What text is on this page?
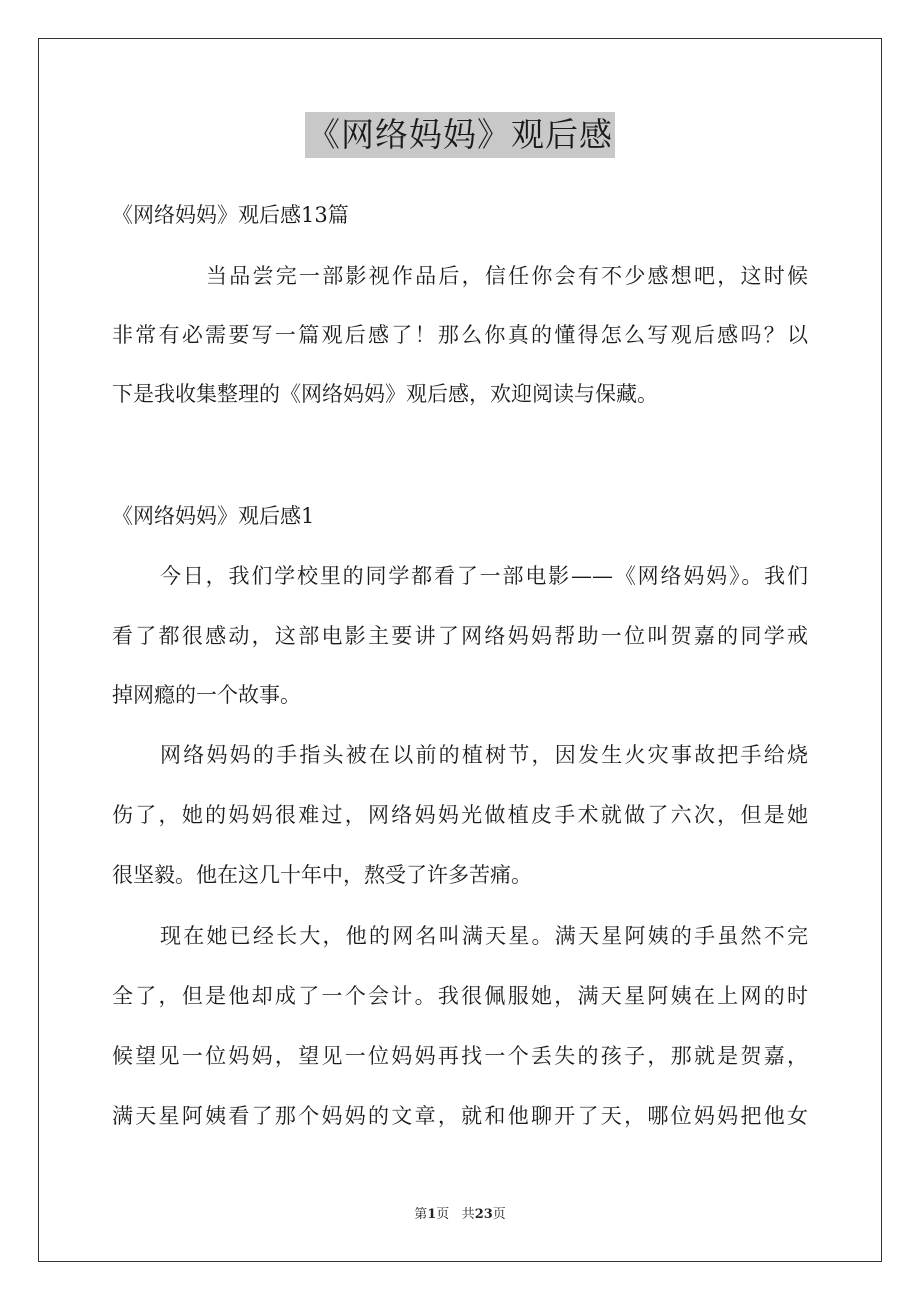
《网络妈妈》观后感
《网络妈妈》观后感13篇
当品尝完一部影视作品后，信任你会有不少感想吧，这时候
非常有必需要写一篇观后感了！那么你真的懂得怎么写观后感吗？以
下是我收集整理的《网络妈妈》观后感，欢迎阅读与保藏。
《网络妈妈》观后感1
今日，我们学校里的同学都看了一部电影——《网络妈妈》。我们
看了都很感动，这部电影主要讲了网络妈妈帮助一位叫贺嘉的同学戒
掉网瘾的一个故事。
网络妈妈的手指头被在以前的植树节，因发生火灾事故把手给烧
伤了，她的妈妈很难过，网络妈妈光做植皮手术就做了六次，但是她
很坚毅。他在这几十年中，熬受了许多苦痛。
现在她已经长大，他的网名叫满天星。满天星阿姨的手虽然不完
全了，但是他却成了一个会计。我很佩服她，满天星阿姨在上网的时
候望见一位妈妈，望见一位妈妈再找一个丢失的孩子，那就是贺嘉，
满天星阿姨看了那个妈妈的文章，就和他聊开了天，哪位妈妈把他女
第1页 共23页
